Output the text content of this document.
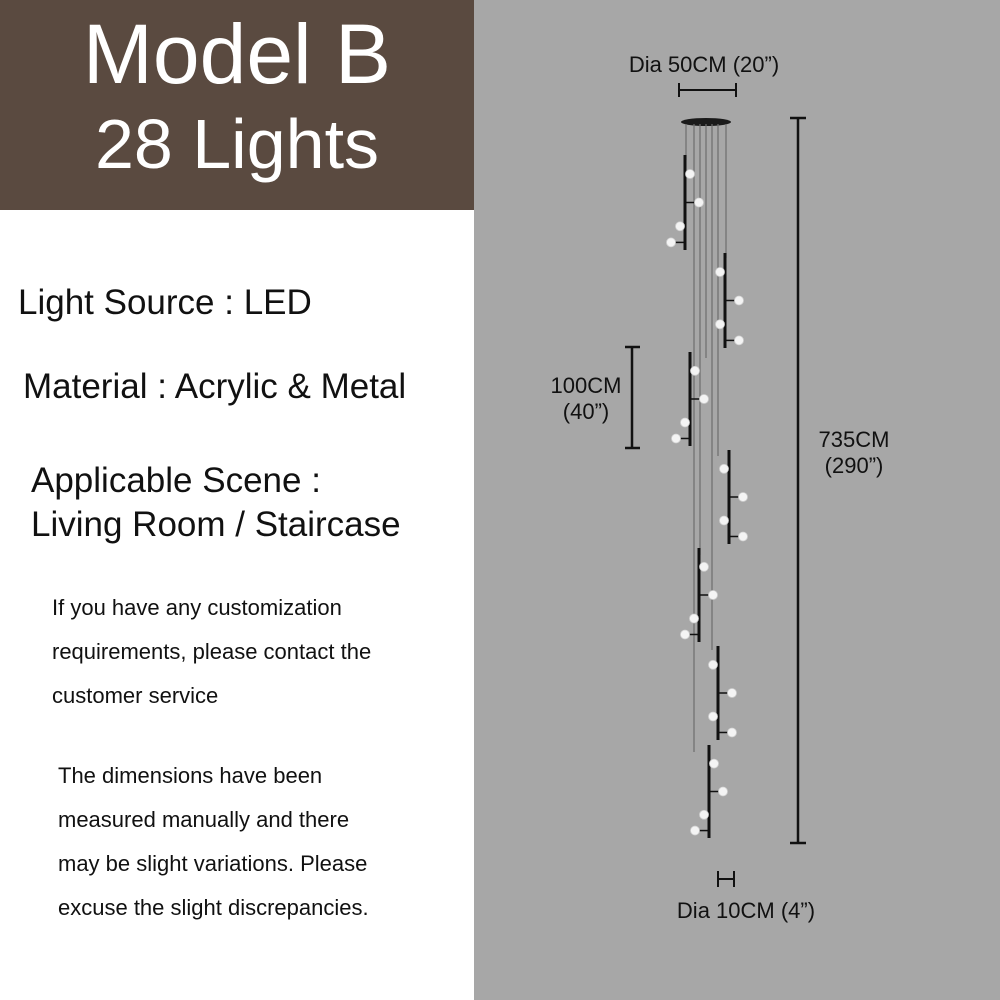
Model B
28 Lights
Light Source : LED
Material : Acrylic & Metal
Applicable Scene :
Living Room / Staircase
If you have any customization
requirements, please contact the
customer service
The dimensions have been
measured manually and there
may be slight variations. Please
excuse the slight discrepancies.
Dia 50CM (20”)
100CM
(40”)
735CM
(290”)
Dia 10CM (4”)
